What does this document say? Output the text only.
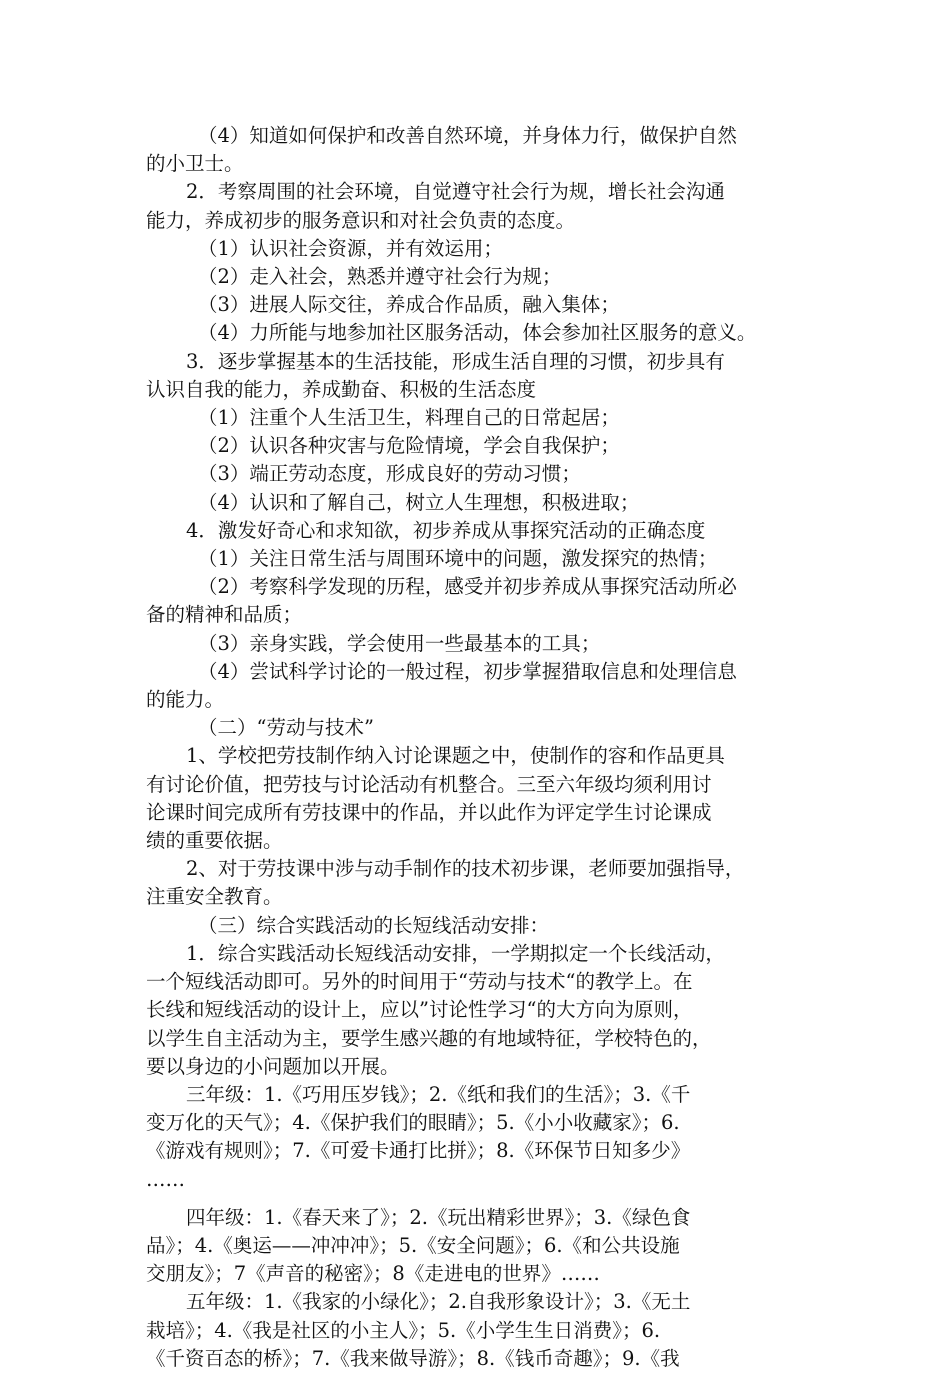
（4）知道如何保护和改善自然环境，并身体力行，做保护自然

的小卫士。

2．考察周围的社会环境，自觉遵守社会行为规，增长社会沟通

能力，养成初步的服务意识和对社会负责的态度。

（1）认识社会资源，并有效运用；

（2）走入社会，熟悉并遵守社会行为规；

（3）进展人际交往，养成合作品质，融入集体；

（4）力所能与地参加社区服务活动，体会参加社区服务的意义。

3．逐步掌握基本的生活技能，形成生活自理的习惯，初步具有

认识自我的能力，养成勤奋、积极的生活态度

（1）注重个人生活卫生，料理自己的日常起居；

（2）认识各种灾害与危险情境，学会自我保护；

（3）端正劳动态度，形成良好的劳动习惯；

（4）认识和了解自己，树立人生理想，积极进取；

4．激发好奇心和求知欲，初步养成从事探究活动的正确态度

（1）关注日常生活与周围环境中的问题，激发探究的热情；

（2）考察科学发现的历程，感受并初步养成从事探究活动所必

备的精神和品质；

（3）亲身实践，学会使用一些最基本的工具；

（4）尝试科学讨论的一般过程，初步掌握猎取信息和处理信息

的能力。

（二）“劳动与技术”

1、学校把劳技制作纳入讨论课题之中，使制作的容和作品更具

有讨论价值，把劳技与讨论活动有机整合。三至六年级均须利用讨

论课时间完成所有劳技课中的作品，并以此作为评定学生讨论课成

绩的重要依据。

2、对于劳技课中涉与动手制作的技术初步课，老师要加强指导，

注重安全教育。

（三）综合实践活动的长短线活动安排：

1．综合实践活动长短线活动安排，一学期拟定一个长线活动，

一个短线活动即可。另外的时间用于“劳动与技术“的教学上。在

长线和短线活动的设计上，应以”讨论性学习“的大方向为原则，

以学生自主活动为主，要学生感兴趣的有地域特征，学校特色的，

要以身边的小问题加以开展。

三年级：1.《巧用压岁钱》；2.《纸和我们的生活》；3.《千

变万化的天气》；4.《保护我们的眼睛》；5.《小小收藏家》；6.

《游戏有规则》；7.《可爱卡通打比拼》；8.《环保节日知多少》

……

四年级：1.《春天来了》；2.《玩出精彩世界》；3.《绿色食

品》；4.《奥运——冲冲冲》；5.《安全问题》；6.《和公共设施

交朋友》；7《声音的秘密》；8《走进电的世界》……

五年级：1.《我家的小绿化》；2.自我形象设计》；3.《无土

栽培》；4.《我是社区的小主人》；5.《小学生生日消费》；6.

《千资百态的桥》；7.《我来做导游》；8.《钱币奇趣》；9.《我
